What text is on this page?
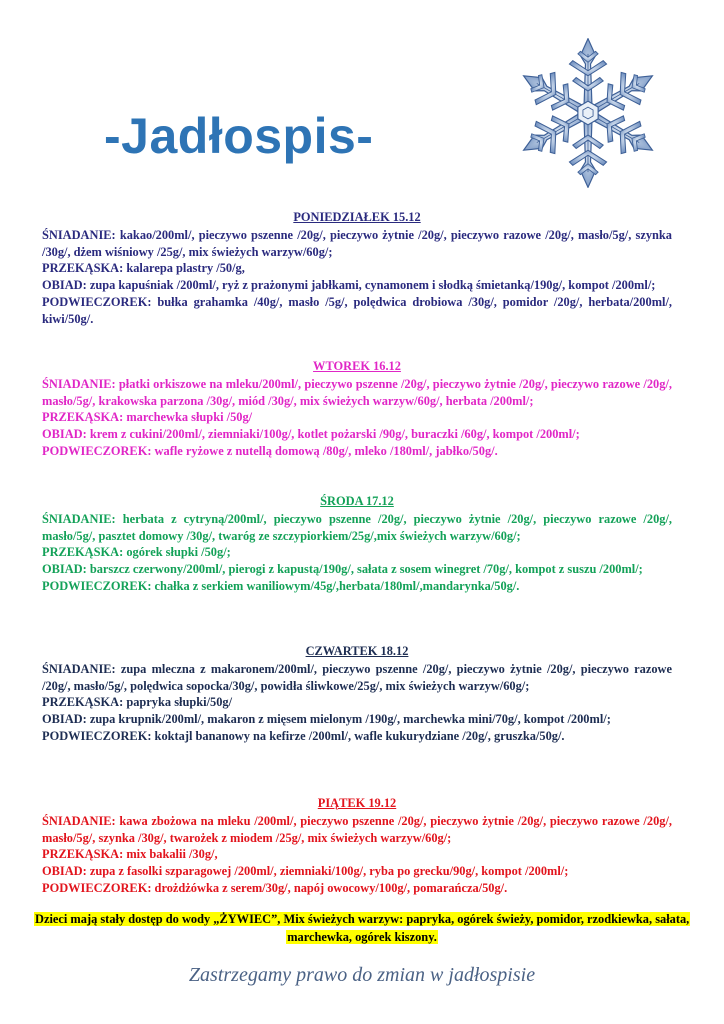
-Jadłospis-

PONIEDZIAŁEK 15.12

ŚNIADANIE: kakao/200ml/, pieczywo pszenne /20g/, pieczywo żytnie /20g/, pieczywo razowe /20g/, masło/5g/, szynka /30g/, dżem wiśniowy /25g/, mix świeżych warzyw/60g/;

PRZEKĄSKA: kalarepa plastry /50/g,

OBIAD: zupa kapuśniak /200ml/, ryż z prażonymi jabłkami, cynamonem i słodką śmietanką/190g/, kompot /200ml/;

PODWIECZOREK: bułka grahamka /40g/, masło /5g/, polędwica drobiowa /30g/, pomidor /20g/, herbata/200ml/, kiwi/50g/.

WTOREK 16.12

ŚNIADANIE: płatki orkiszowe na mleku/200ml/, pieczywo pszenne /20g/, pieczywo żytnie /20g/, pieczywo razowe /20g/, masło/5g/, krakowska parzona /30g/, miód /30g/, mix świeżych warzyw/60g/, herbata /200ml/;

PRZEKĄSKA: marchewka słupki /50g/

OBIAD: krem z cukini/200ml/, ziemniaki/100g/, kotlet pożarski /90g/, buraczki /60g/, kompot /200ml/;

PODWIECZOREK: wafle ryżowe z nutellą domową /80g/, mleko /180ml/, jabłko/50g/.

ŚRODA 17.12

ŚNIADANIE: herbata z cytryną/200ml/, pieczywo pszenne /20g/, pieczywo żytnie /20g/, pieczywo razowe /20g/, masło/5g/, pasztet domowy /30g/, twaróg ze szczypiorkiem/25g/,mix świeżych warzyw/60g/;

PRZEKĄSKA: ogórek słupki /50g/;

OBIAD: barszcz czerwony/200ml/, pierogi z kapustą/190g/, sałata z sosem winegret /70g/, kompot z suszu /200ml/;

PODWIECZOREK: chałka z serkiem waniliowym/45g/,herbata/180ml/,mandarynka/50g/.

CZWARTEK 18.12

ŚNIADANIE: zupa mleczna z makaronem/200ml/, pieczywo pszenne /20g/, pieczywo żytnie /20g/, pieczywo razowe /20g/, masło/5g/, polędwica sopocka/30g/, powidła śliwkowe/25g/, mix świeżych warzyw/60g/;

PRZEKĄSKA: papryka słupki/50g/

OBIAD: zupa krupnik/200ml/, makaron z mięsem mielonym /190g/, marchewka mini/70g/, kompot /200ml/;

PODWIECZOREK: koktajl bananowy na kefirze /200ml/, wafle kukurydziane /20g/, gruszka/50g/.

PIĄTEK 19.12

ŚNIADANIE: kawa zbożowa na mleku /200ml/, pieczywo pszenne /20g/, pieczywo żytnie /20g/, pieczywo razowe /20g/, masło/5g/, szynka /30g/, twarożek z miodem /25g/, mix świeżych warzyw/60g/;

PRZEKĄSKA: mix bakalii /30g/,

OBIAD: zupa z fasolki szparagowej /200ml/, ziemniaki/100g/, ryba po grecku/90g/, kompot /200ml/;

PODWIECZOREK: drożdżówka z serem/30g/, napój owocowy/100g/, pomarańcza/50g/.

Dzieci mają stały dostęp do wody „ŻYWIEC”, Mix świeżych warzyw: papryka, ogórek świeży, pomidor, rzodkiewka, sałata, marchewka, ogórek kiszony.
Zastrzegamy prawo do zmian w jadłospisie
